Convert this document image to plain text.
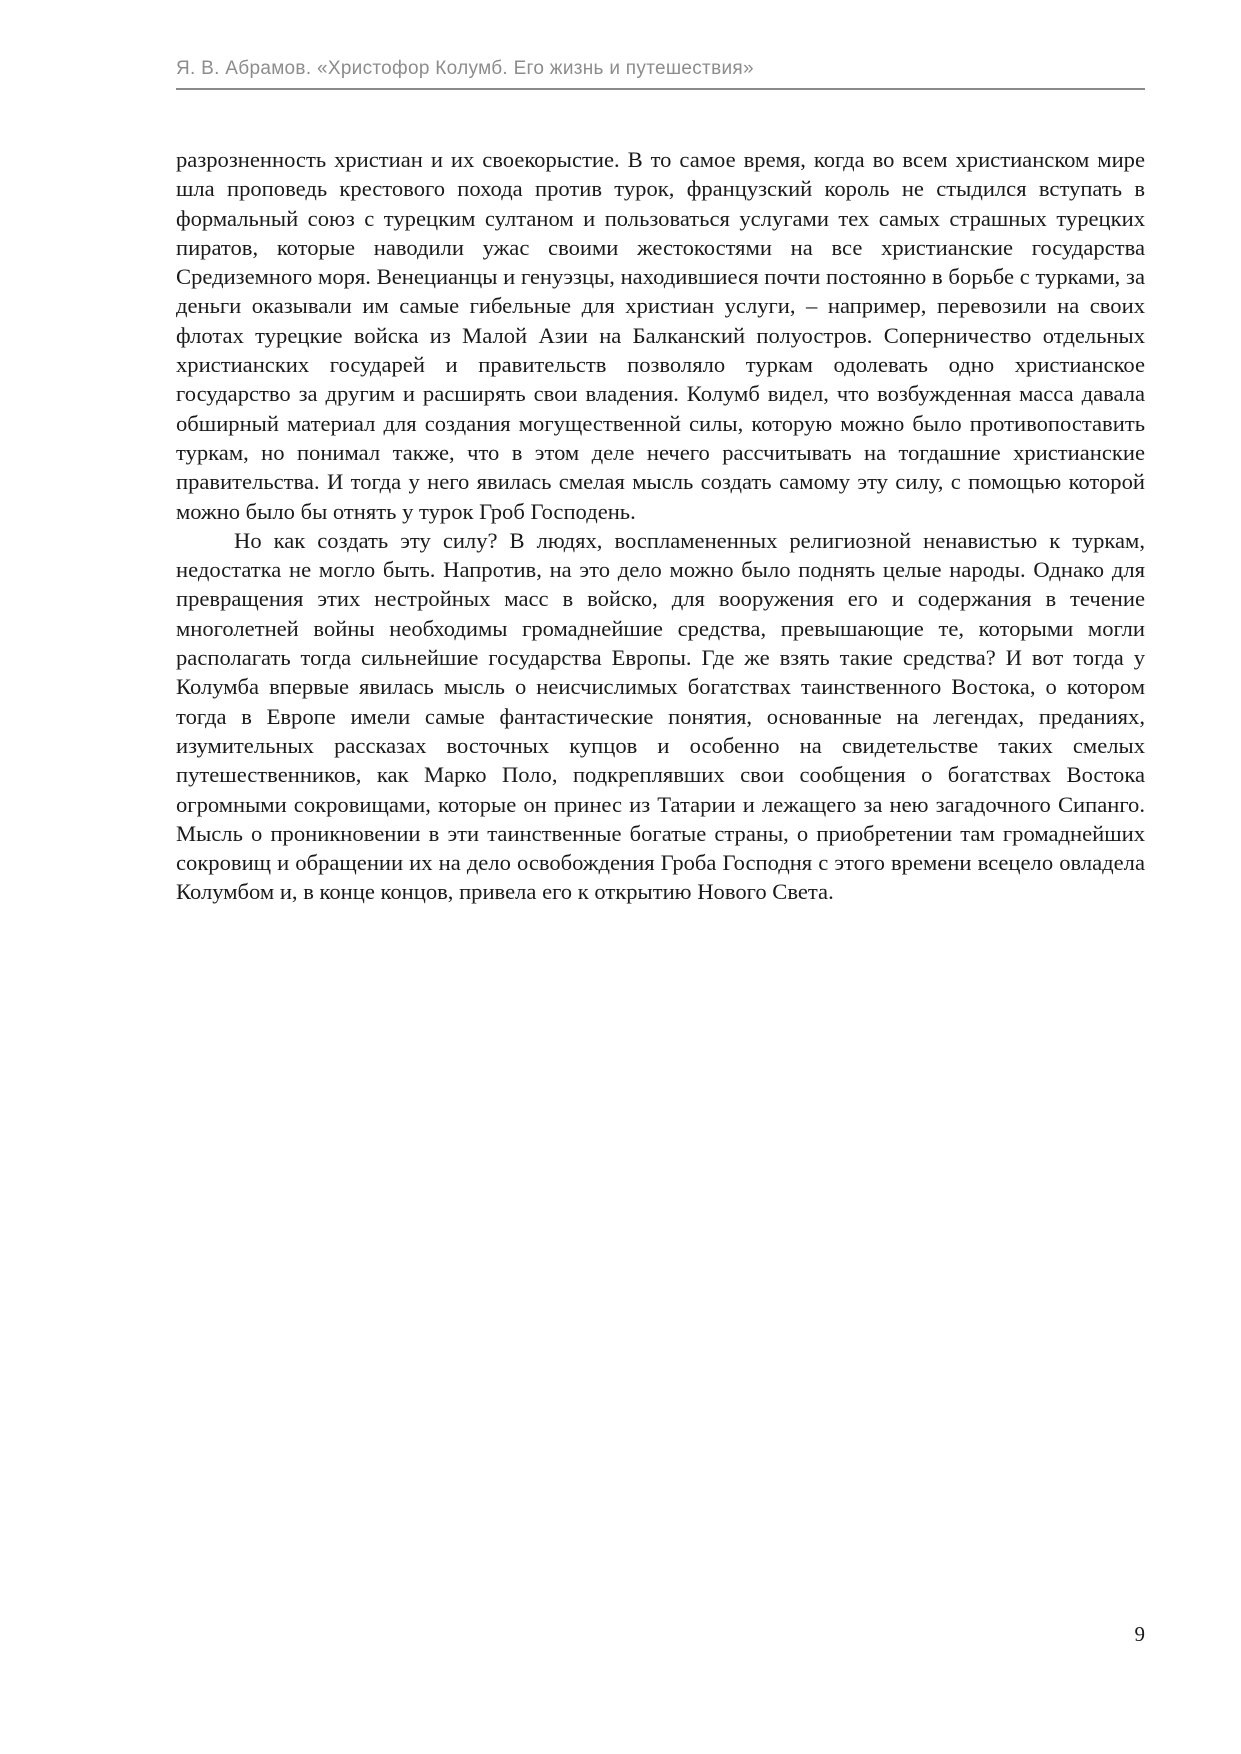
Я. В. Абрамов. «Христофор Колумб. Его жизнь и путешествия»

разрозненность христиан и их своекорыстие. В то самое время, когда во всем христианском мире шла проповедь крестового похода против турок, французский король не стыдился вступать в формальный союз с турецким султаном и пользоваться услугами тех самых страшных турецких пиратов, которые наводили ужас своими жестокостями на все христианские государства Средиземного моря. Венецианцы и генуэзцы, находившиеся почти постоянно в борьбе с турками, за деньги оказывали им самые гибельные для христиан услуги, – например, перевозили на своих флотах турецкие войска из Малой Азии на Балканский полуостров. Соперничество отдельных христианских государей и правительств позволяло туркам одолевать одно христианское государство за другим и расширять свои владения. Колумб видел, что возбужденная масса давала обширный материал для создания могущественной силы, которую можно было противопоставить туркам, но понимал также, что в этом деле нечего рассчитывать на тогдашние христианские правительства. И тогда у него явилась смелая мысль создать самому эту силу, с помощью которой можно было бы отнять у турок Гроб Господень.

Но как создать эту силу? В людях, воспламененных религиозной ненавистью к туркам, недостатка не могло быть. Напротив, на это дело можно было поднять целые народы. Однако для превращения этих нестройных масс в войско, для вооружения его и содержания в течение многолетней войны необходимы громаднейшие средства, превышающие те, которыми могли располагать тогда сильнейшие государства Европы. Где же взять такие средства? И вот тогда у Колумба впервые явилась мысль о неисчислимых богатствах таинственного Востока, о котором тогда в Европе имели самые фантастические понятия, основанные на легендах, преданиях, изумительных рассказах восточных купцов и особенно на свидетельстве таких смелых путешественников, как Марко Поло, подкреплявших свои сообщения о богатствах Востока огромными сокровищами, которые он принес из Татарии и лежащего за нею загадочного Сипанго. Мысль о проникновении в эти таинственные богатые страны, о приобретении там громаднейших сокровищ и обращении их на дело освобождения Гроба Господня с этого времени всецело овладела Колумбом и, в конце концов, привела его к открытию Нового Света.

9
